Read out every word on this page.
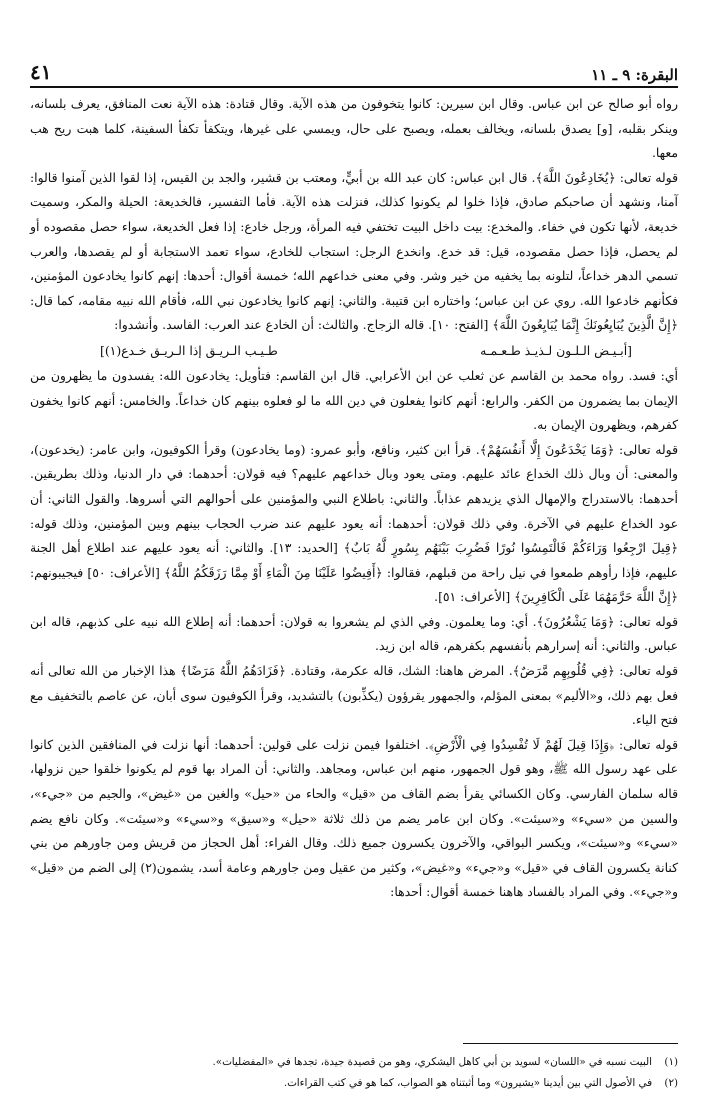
البقرة: ٩ ـ ١١
٤١

رواه أبو صالح عن ابن عباس. وقال ابن سيرين: كانوا يتخوفون من هذه الآية. وقال قتادة: هذه الآية نعت المنافق، يعرف بلسانه، وينكر بقلبه، [و] يصدق بلسانه، ويخالف بعمله، ويصبح على حال، ويمسي على غيرها، ويتكفأ تكفأ السفينة، كلما هبت ريح هب معها.

قوله تعالى: ﴿يُخَادِعُونَ اللَّهَ﴾. قال ابن عباس: كان عبد الله بن أبيٍّ، ومعتب بن قشير، والجد بن القيس، إذا لقوا الذين آمنوا قالوا: آمنا، ونشهد أن صاحبكم صادق، فإذا خلوا لم يكونوا كذلك، فنزلت هذه الآية. فأما التفسير، فالخديعة: الحيلة والمكر، وسميت خديعة، لأنها تكون في خفاء. والمخدع: بيت داخل البيت تختفي فيه المرأة، ورجل خادع: إذا فعل الخديعة، سواء حصل مقصوده أو لم يحصل، فإذا حصل مقصوده، قيل: قد خدع. وانخدع الرجل: استجاب للخادع، سواء تعمد الاستجابة أو لم يقصدها، والعرب تسمي الدهر خداعاً، لتلونه بما يخفيه من خير وشر. وفي معنى خداعهم الله؛ خمسة أقوال: أحدها: إنهم كانوا يخادعون المؤمنين، فكأنهم خادعوا الله. روي عن ابن عباس؛ واختاره ابن قتيبة. والثاني: إنهم كانوا يخادعون نبي الله، فأقام الله نبيه مقامه، كما قال: ﴿إِنَّ الَّذِينَ يُبَايِعُونَكَ إِنَّمَا يُبَايِعُونَ اللَّهَ﴾ [الفتح: ١٠]. قاله الزجاج. والثالث: أن الخادع عند العرب: الفاسد. وأنشدوا:

[أبـيـض الـلـون لـذيـذ طـعـمـه
طـيـب الـريـق إذا الـريـق خـدع(١)]

أي: فسد. رواه محمد بن القاسم عن ثعلب عن ابن الأعرابي. قال ابن القاسم: فتأويل: يخادعون الله: يفسدون ما يظهرون من الإيمان بما يضمرون من الكفر. والرابع: أنهم كانوا يفعلون في دين الله ما لو فعلوه بينهم كان خداعاً. والخامس: أنهم كانوا يخفون كفرهم، ويظهرون الإيمان به.

قوله تعالى: ﴿وَمَا يَخْدَعُونَ إِلَّا أَنفُسَهُمْ﴾. قرأ ابن كثير، ونافع، وأبو عمرو: (وما يخادعون) وقرأ الكوفيون، وابن عامر: (يخدعون)، والمعنى: أن وبال ذلك الخداع عائد عليهم. ومتى يعود وبال خداعهم عليهم؟ فيه قولان: أحدهما: في دار الدنيا، وذلك بطريقين. أحدهما: بالاستدراج والإمهال الذي يزيدهم عذاباً. والثاني: باطلاع النبي والمؤمنين على أحوالهم التي أسروها. والقول الثاني: أن عود الخداع عليهم في الآخرة. وفي ذلك قولان: أحدهما: أنه يعود عليهم عند ضرب الحجاب بينهم وبين المؤمنين، وذلك قوله: ﴿قِيلَ ارْجِعُوا وَرَاءَكُمْ فَالْتَمِسُوا نُورًا فَضُرِبَ بَيْنَهُم بِسُورٍ لَّهُ بَابٌ﴾ [الحديد: ١٣]. والثاني: أنه يعود عليهم عند اطلاع أهل الجنة عليهم، فإذا رأوهم طمعوا في نيل راحة من قبلهم، فقالوا: ﴿أَفِيضُوا عَلَيْنَا مِنَ الْمَاءِ أَوْ مِمَّا رَزَقَكُمُ اللَّهُ﴾ [الأعراف: ٥٠] فيجيبونهم: ﴿إِنَّ اللَّهَ حَرَّمَهُمَا عَلَى الْكَافِرِينَ﴾ [الأعراف: ٥١].

قوله تعالى: ﴿وَمَا يَشْعُرُونَ﴾. أي: وما يعلمون. وفي الذي لم يشعروا به قولان: أحدهما: أنه إطلاع الله نبيه على كذبهم، قاله ابن عباس. والثاني: أنه إسرارهم بأنفسهم بكفرهم، قاله ابن زيد.

قوله تعالى: ﴿فِي قُلُوبِهِم مَّرَضٌ﴾. المرض هاهنا: الشك، قاله عكرمة، وقتادة. ﴿فَزَادَهُمُ اللَّهُ مَرَضًا﴾ هذا الإخبار من الله تعالى أنه فعل بهم ذلك، و«الأليم» بمعنى المؤلم، والجمهور يقرؤون (يكذِّبون) بالتشديد، وقرأ الكوفيون سوى أبان، عن عاصم بالتخفيف مع فتح الياء.

قوله تعالى: ﴿وَإِذَا قِيلَ لَهُمْ لَا تُفْسِدُوا فِي الْأَرْضِ﴾. اختلفوا فيمن نزلت على قولين: أحدهما: أنها نزلت في المنافقين الذين كانوا على عهد رسول الله ﷺ، وهو قول الجمهور، منهم ابن عباس، ومجاهد. والثاني: أن المراد بها قوم لم يكونوا خلقوا حين نزولها، قاله سلمان الفارسي. وكان الكسائي يقرأ بضم القاف من «قيل» والحاء من «حيل» والغين من «غيض»، والجيم من «جيء»، والسين من «سيء» و«سيئت». وكان ابن عامر يضم من ذلك ثلاثة «حيل» و«سيق» و«سيء» و«سيئت». وكان نافع يضم «سيء» و«سيئت»، ويكسر البواقي، والآخرون يكسرون جميع ذلك. وقال الفراء: أهل الحجاز من قريش ومن جاورهم من بني كنانة يكسرون القاف في «قيل» و«جيء» و«غيض»، وكثير من عقيل ومن جاورهم وعامة أسد، يشمون(٢) إلى الضم من «قيل» و«جيء». وفي المراد بالفساد هاهنا خمسة أقوال: أحدها:

(١)
البيت نسبه في «اللسان» لسويد بن أبي كاهل اليشكري، وهو من قصيدة جيدة، تجدها في «المفضليات».

(٢)
في الأصول التي بين أيدينا «يشيرون» وما أثبتناه هو الصواب، كما هو في كتب القراءات.
